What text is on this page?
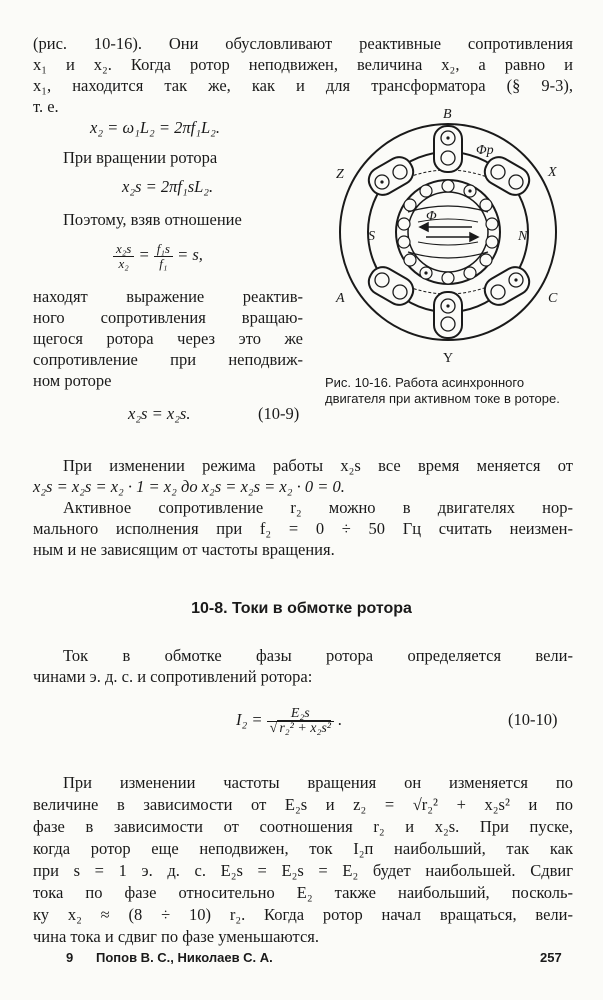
(рис. 10-16). Они обусловливают реактивные сопротивления
x₁ и x₂. Когда ротор неподвижен, величина x₂, а равно и
x₁, находится так же, как и для трансформатора (§ 9-3),
т. е.
x₂ = ω₁L₂ = 2πf₁L₂.
При вращении ротора
x₂s = 2πf₁sL₂.
Поэтому, взяв отношение
$\frac{\text{x₂s}}{\text{x₂}} = \frac{\text{f₁s}}{\text{f₁}} = s$,
находят выражение реактив-
ного сопротивления вращаю-
щегося ротора через это же
сопротивление при неподвиж-
ном роторе
x₂s = x₂s.	(10-9)
B
Y
Z	X
A	C
S	N
Φ
Φp
Рис. 10-16. Работа асинхронного двигателя при активном токе в роторе.
При изменении режима работы x₂s все время меняется от
x₂s = x₂s = x₂ · 1 = x₂ до x₂s = x₂s = x₂ · 0 = 0.
Активное сопротивление r₂ можно в двигателях нор-
мального исполнения при f₂ = 0 ÷ 50 Гц считать неизмен-
ным и не зависящим от частоты вращения.
10-8. Токи в обмотке ротора
Ток в обмотке фазы ротора определяется вели-
чинами э. д. с. и сопротивлений ротора:
$I_2 = \frac{\text{E₂s}}{\text{√ r₂² + x₂s²}}$ .	(10-10)
При изменении частоты вращения он изменяется по
величине в зависимости от E₂s и z₂ = √r₂² + x₂s² и по
фазе в зависимости от соотношения r₂ и x₂s. При пуске,
когда ротор еще неподвижен, ток I₂п наибольший, так как
при s = 1 э. д. с. E₂s = E₂s = E₂ будет наибольшей. Сдвиг
тока по фазе относительно E₂ также наибольший, посколь-
ку x₂ ≈ (8 ÷ 10) r₂. Когда ротор начал вращаться, вели-
чина тока и сдвиг по фазе уменьшаются.
9 Попов В. С., Николаев С. А.	257
